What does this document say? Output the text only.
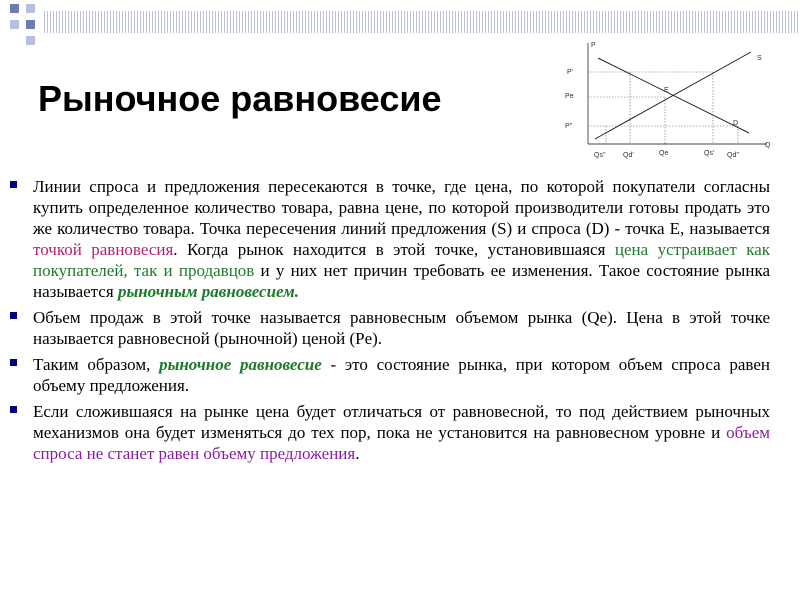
Рыночное равновесие
P
Q
S
D
E
P'
Pe
P''
Qs'' Qd'	Qe	Qs' Qd''
Линии спроса и предложения пересекаются в точке, где цена, по которой покупатели согласны купить определенное количество товара, равна цене, по которой производители готовы продать это же количество товара. Точка пересечения линий предложения (S) и спроса (D) - точка Е, называется точкой равновесия. Когда рынок находится в этой точке, установившаяся цена устраивает как покупателей, так и продавцов и у них нет причин требовать ее изменения. Такое состояние рынка называется рыночным равновесием.
Объем продаж в этой точке называется равновесным объемом рынка (Qe). Цена в этой точке называется равновесной (рыночной) ценой (Pe).
Таким образом, рыночное равновесие - это состояние рынка, при котором объем спроса равен объему предложения.
Если сложившаяся на рынке цена будет отличаться от равновесной, то под действием рыночных механизмов она будет изменяться до тех пор, пока не установится на равновесном уровне и объем спроса не станет равен объему предложения.
